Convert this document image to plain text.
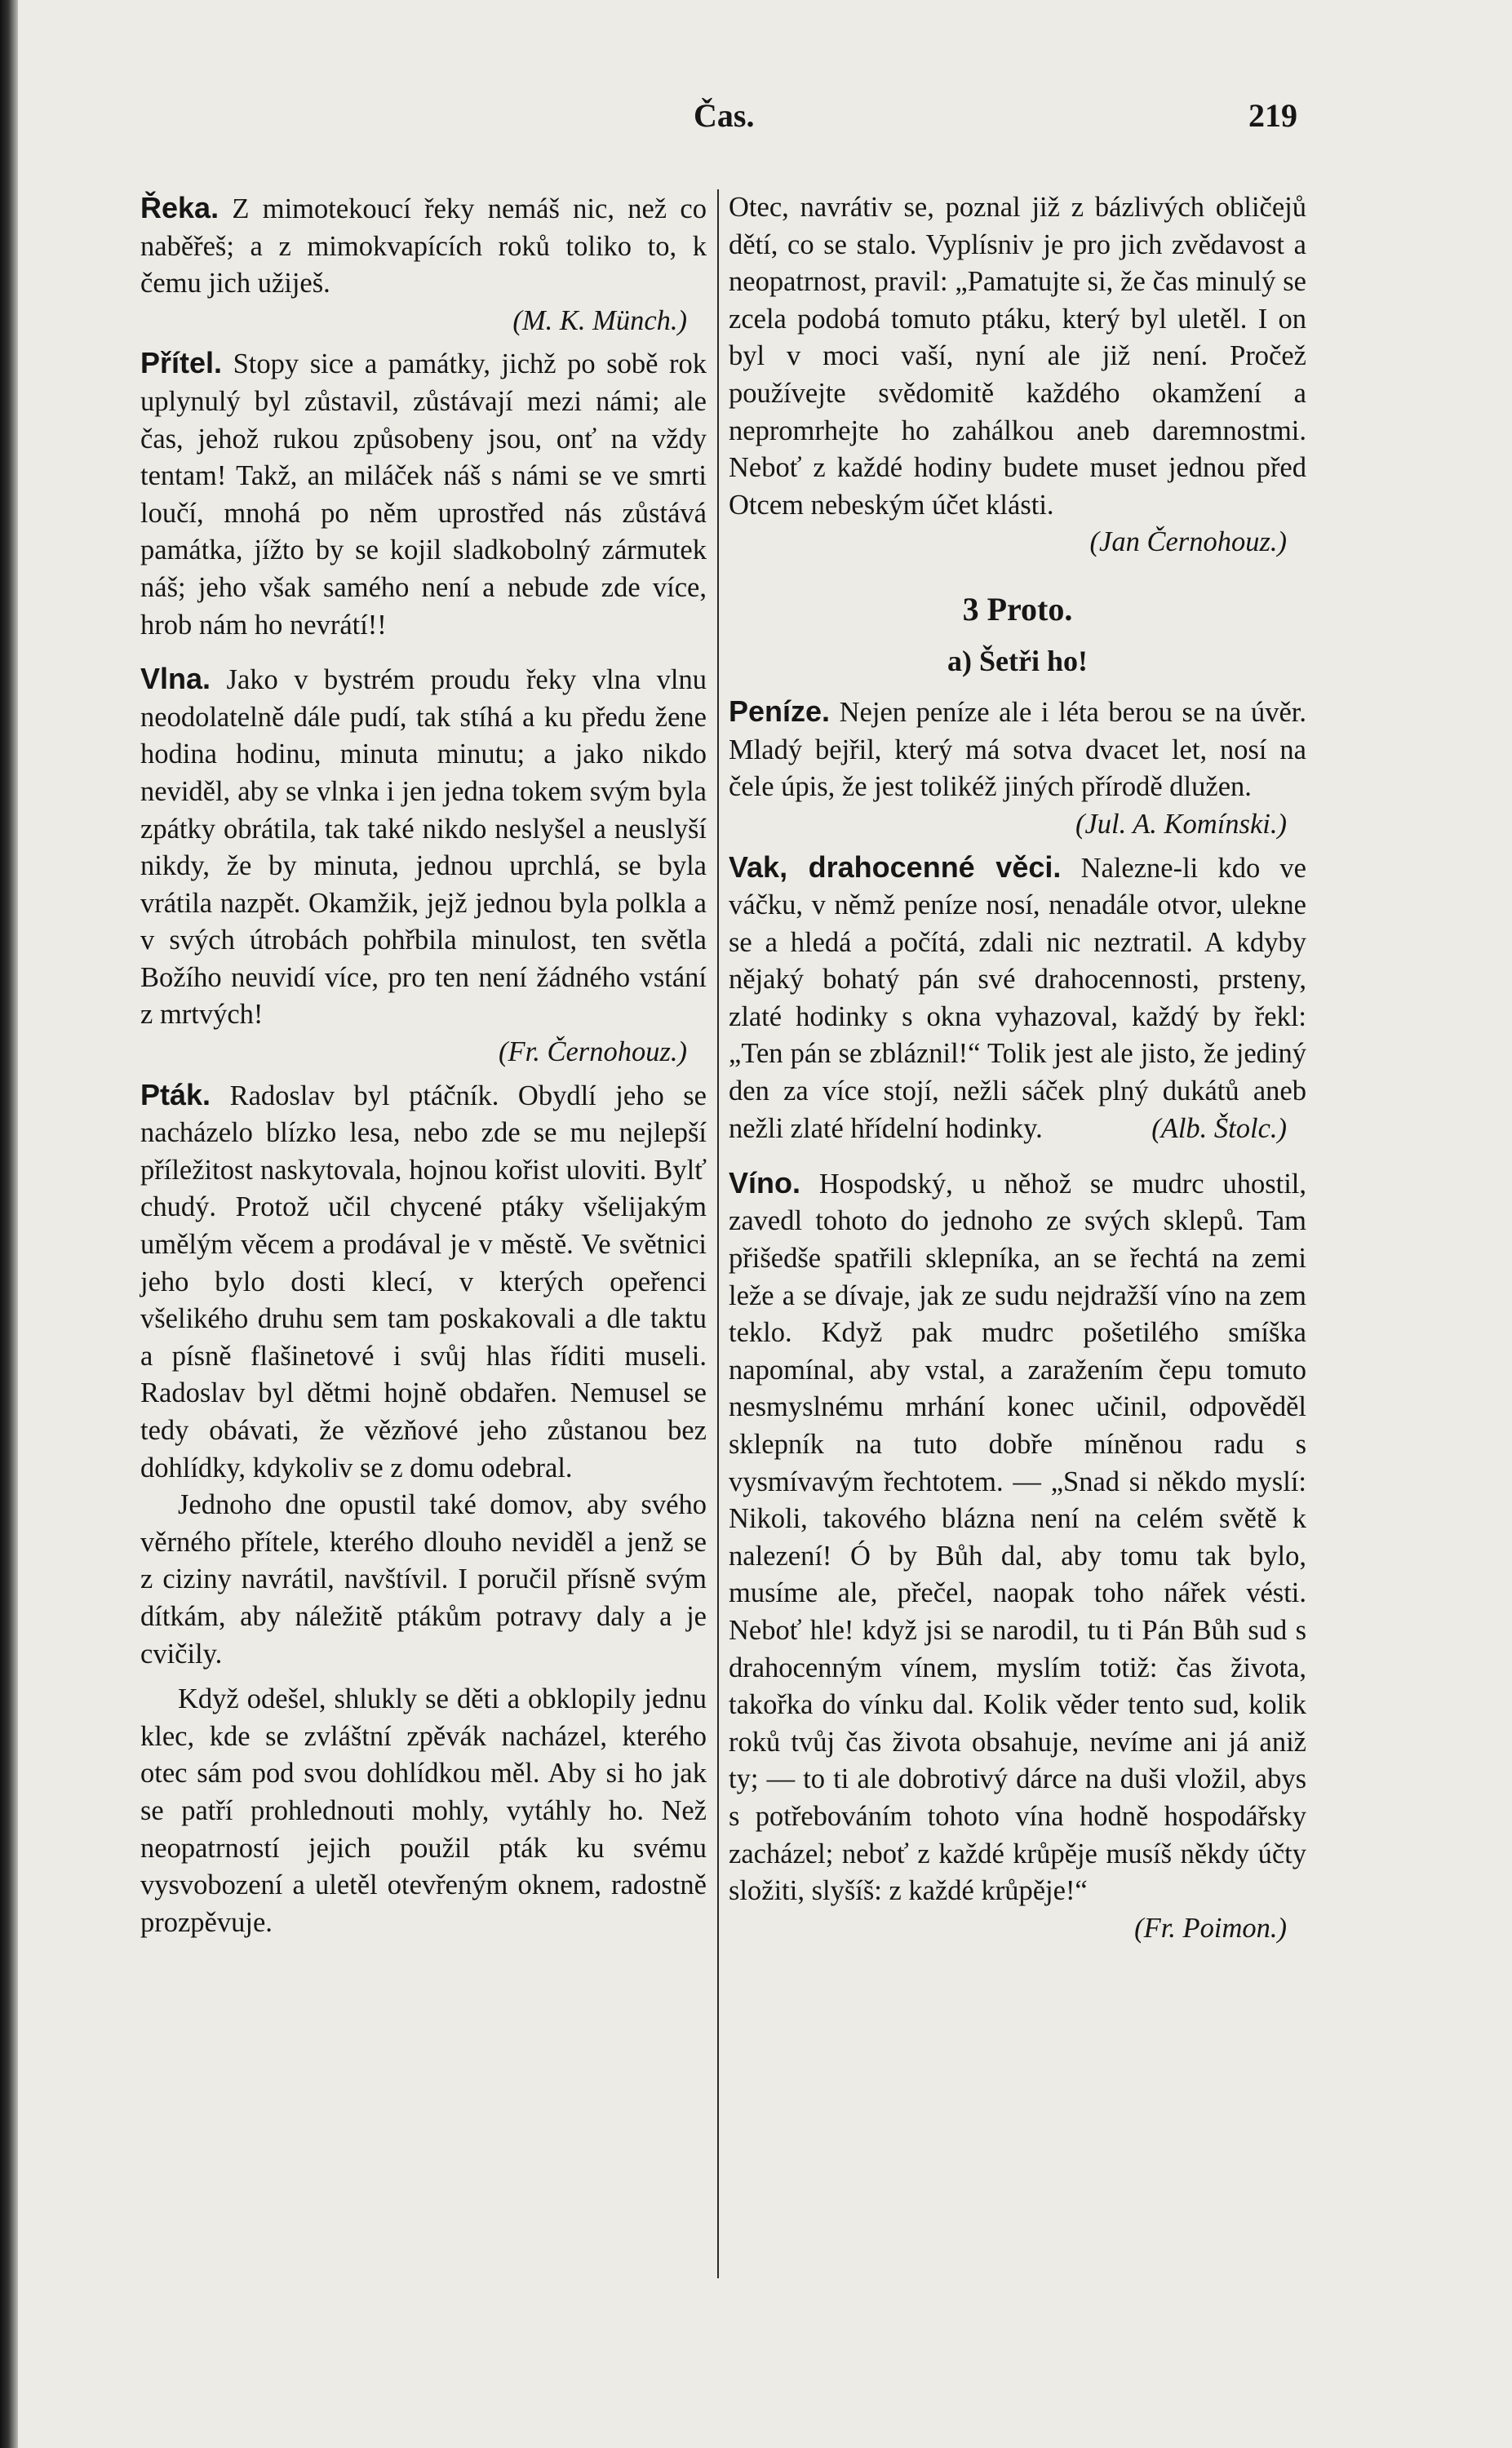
Čas.	219

Řeka. Z mimotekoucí řeky nemáš nic, než co naběřeš; a z mimokvapících roků toliko to, k čemu jich užiješ.

(M. K. Münch.)

Přítel. Stopy sice a památky, jichž po sobě rok uplynulý byl zůstavil, zůstávají mezi námi; ale čas, jehož rukou způsobeny jsou, onť na vždy tentam! Takž, an miláček náš s námi se ve smrti loučí, mnohá po něm uprostřed nás zůstává památka, jížto by se kojil sladkobolný zármutek náš; jeho však samého není a nebude zde více, hrob nám ho nevrátí!!

Vlna. Jako v bystrém proudu řeky vlna vlnu neodolatelně dále pudí, tak stíhá a ku předu žene hodina hodinu, minuta minutu; a jako nikdo neviděl, aby se vlnka i jen jedna tokem svým byla zpátky obrátila, tak také nikdo neslyšel a neuslyší nikdy, že by minuta, jednou uprchlá, se byla vrátila nazpět. Okamžik, jejž jednou byla polkla a v svých útrobách pohřbila minulost, ten světla Božího neuvidí více, pro ten není žádného vstání z mrtvých!

(Fr. Černohouz.)

Pták. Radoslav byl ptáčník. Obydlí jeho se nacházelo blízko lesa, nebo zde se mu nejlepší příležitost naskytovala, hojnou kořist uloviti. Bylť chudý. Protož učil chycené ptáky všelijakým umělým věcem a prodával je v městě. Ve světnici jeho bylo dosti klecí, v kterých opeřenci všelikého druhu sem tam poskakovali a dle taktu a písně flašinetové i svůj hlas říditi museli. Radoslav byl dětmi hojně obdařen. Nemusel se tedy obávati, že vězňové jeho zůstanou bez dohlídky, kdykoliv se z domu odebral.

Jednoho dne opustil také domov, aby svého věrného přítele, kterého dlouho neviděl a jenž se z ciziny navrátil, navštívil. I poručil přísně svým dítkám, aby náležitě ptákům potravy daly a je cvičily.

Když odešel, shlukly se děti a obklopily jednu klec, kde se zvláštní zpěvák nacházel, kterého otec sám pod svou dohlídkou měl. Aby si ho jak se patří prohlednouti mohly, vytáhly ho. Než neopatrností jejich použil pták ku svému vysvobození a uletěl otevřeným oknem, radostně prozpěvuje.

Otec, navrátiv se, poznal již z bázlivých obličejů dětí, co se stalo. Vyplísniv je pro jich zvědavost a neopatrnost, pravil: „Pamatujte si, že čas minulý se zcela podobá tomuto ptáku, který byl uletěl. I on byl v moci vaší, nyní ale již není. Pročež používejte svědomitě každého okamžení a nepromrhejte ho zahálkou aneb daremnostmi. Neboť z každé hodiny budete muset jednou před Otcem nebeským účet klásti.

(Jan Černohouz.)

3 Proto.
a) Šetři ho!

Peníze. Nejen peníze ale i léta berou se na úvěr. Mladý bejřil, který má sotva dvacet let, nosí na čele úpis, že jest tolikéž jiných přírodě dlužen.

(Jul. A. Komínski.)

Vak, drahocenné věci. Nalezne-li kdo ve váčku, v němž peníze nosí, nenadále otvor, ulekne se a hledá a počítá, zdali nic neztratil. A kdyby nějaký bohatý pán své drahocennosti, prsteny, zlaté hodinky s okna vyhazoval, každý by řekl: „Ten pán se zbláznil!“ Tolik jest ale jisto, že jediný den za více stojí, nežli sáček plný dukátů aneb nežli zlaté hřídelní hodinky.	(Alb. Štolc.)

Víno. Hospodský, u něhož se mudrc uhostil, zavedl tohoto do jednoho ze svých sklepů. Tam přišedše spatřili sklepníka, an se řechtá na zemi leže a se dívaje, jak ze sudu nejdražší víno na zem teklo. Když pak mudrc pošetilého smíška napomínal, aby vstal, a zaražením čepu tomuto nesmyslnému mrhání konec učinil, odpověděl sklepník na tuto dobře míněnou radu s vysmívavým řechtotem. — „Snad si někdo myslí: Nikoli, takového blázna není na celém světě k nalezení! Ó by Bůh dal, aby tomu tak bylo, musíme ale, přečel, naopak toho nářek vésti. Neboť hle! když jsi se narodil, tu ti Pán Bůh sud s drahocenným vínem, myslím totiž: čas života, takořka do vínku dal. Kolik věder tento sud, kolik roků tvůj čas života obsahuje, nevíme ani já aniž ty; — to ti ale dobrotivý dárce na duši vložil, abys s potřebováním tohoto vína hodně hospodářsky zacházel; neboť z každé krůpěje musíš někdy účty složiti, slyšíš: z každé krůpěje!“

(Fr. Poimon.)
